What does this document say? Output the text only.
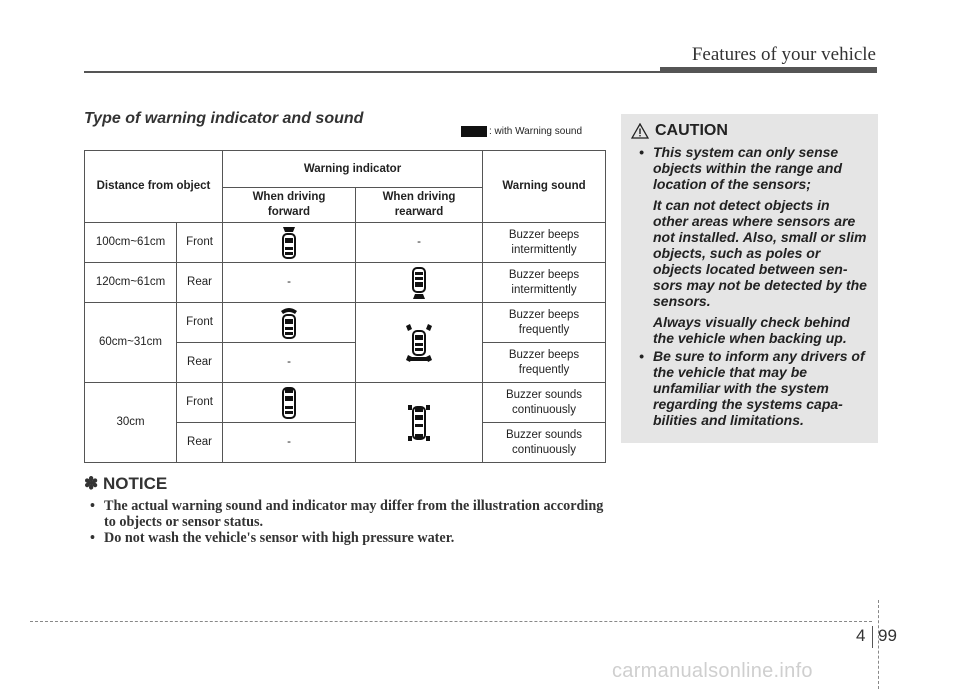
Features of your vehicle
Type of warning indicator and sound
: with Warning sound
Distance from object		Warning indicator		Warning sound
		When driving forward	When driving rearward	
100cm~61cm	Front		-	Buzzer beeps intermittently
120cm~61cm	Rear	-		Buzzer beeps intermittently
60cm~31cm	Front			Buzzer beeps frequently
	Rear	-		Buzzer beeps frequently
30cm	Front			Buzzer sounds continuously
	Rear	-		Buzzer sounds continuously
✽ NOTICE
• The actual warning sound and indicator may differ from the illustration according to objects or sensor status.
• Do not wash the vehicle's sensor with high pressure water.
CAUTION
• This system can only sense objects within the range and location of the sensors;

It can not detect objects in other areas where sensors are not installed. Also, small or slim objects, such as poles or objects located between sen-sors may not be detected by the sensors.

Always visually check behind the vehicle when backing up.

• Be sure to inform any drivers of the vehicle that may be unfamiliar with the system regarding the systems capa-bilities and limitations.
4 99
carmanualsonline.info
